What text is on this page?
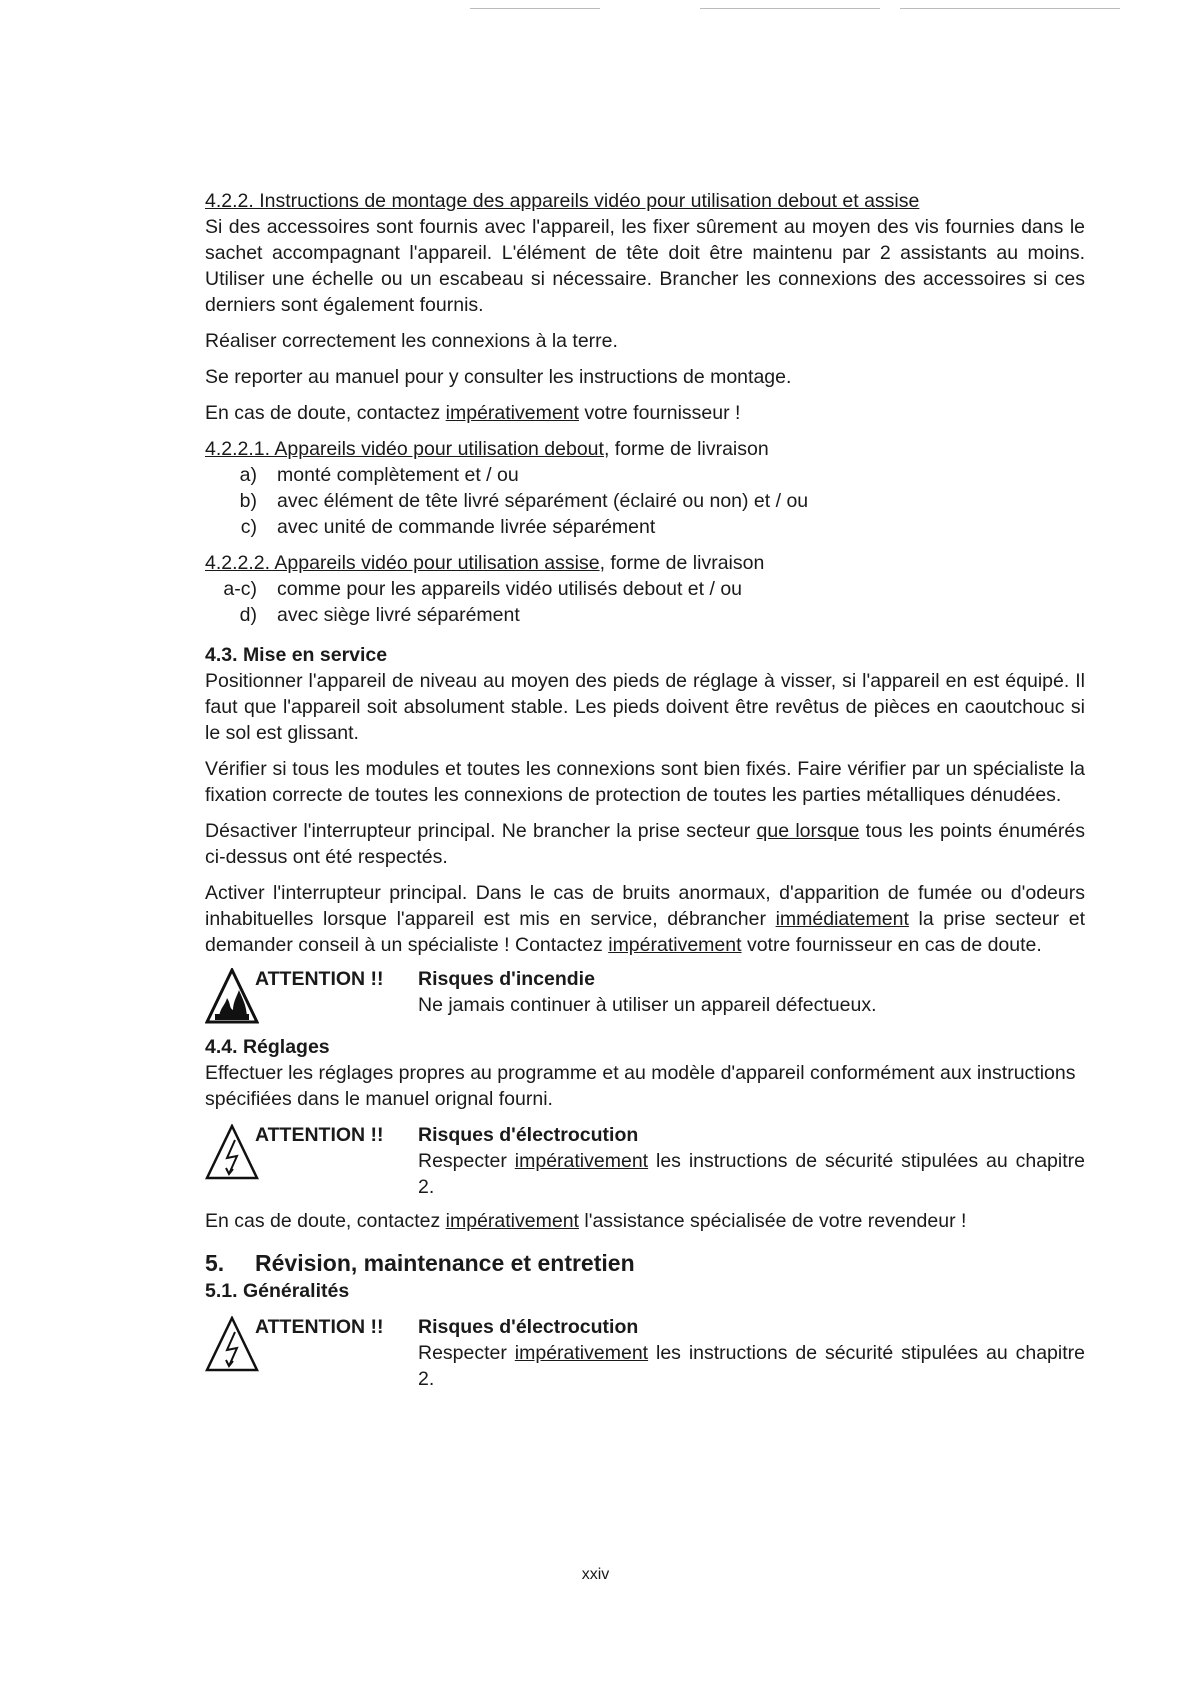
4.2.2. Instructions de montage des appareils vidéo pour utilisation debout et assise

Si des accessoires sont fournis avec l'appareil, les fixer sûrement au moyen des vis fournies dans le sachet accompagnant l'appareil. L'élément de tête doit être maintenu par 2 assistants au moins. Utiliser une échelle ou un escabeau si nécessaire. Brancher les connexions des accessoires si ces derniers sont également fournis.

Réaliser correctement les connexions à la terre.

Se reporter au manuel pour y consulter les instructions de montage.

En cas de doute, contactez impérativement votre fournisseur !

4.2.2.1. Appareils vidéo pour utilisation debout, forme de livraison

a)	monté complètement et / ou
b)	avec élément de tête livré séparément (éclairé ou non) et / ou
c)	avec unité de commande livrée séparément

4.2.2.2. Appareils vidéo pour utilisation assise, forme de livraison

a-c)	comme pour les appareils vidéo utilisés debout et / ou
d)	avec siège livré séparément

4.3. Mise en service

Positionner l'appareil de niveau au moyen des pieds de réglage à visser, si l'appareil en est équipé. Il faut que l'appareil soit absolument stable. Les pieds doivent être revêtus de pièces en caoutchouc si le sol est glissant.

Vérifier si tous les modules et toutes les connexions sont bien fixés. Faire vérifier par un spécialiste la fixation correcte de toutes les connexions de protection de toutes les parties métalliques dénudées.

Désactiver l'interrupteur principal. Ne brancher la prise secteur que lorsque tous les points énumérés ci-dessus ont été respectés.

Activer l'interrupteur principal. Dans le cas de bruits anormaux, d'apparition de fumée ou d'odeurs inhabituelles lorsque l'appareil est mis en service, débrancher immédiatement la prise secteur et demander conseil à un spécialiste ! Contactez impérativement votre fournisseur en cas de doute.

ATTENTION !! Risques d'incendie
Ne jamais continuer à utiliser un appareil défectueux.

4.4. Réglages

Effectuer les réglages propres au programme et au modèle d'appareil conformément aux instructions spécifiées dans le manuel orignal fourni.

ATTENTION !! Risques d'électrocution
Respecter impérativement les instructions de sécurité stipulées au chapitre 2.

En cas de doute, contactez impérativement l'assistance spécialisée de votre revendeur !

5. Révision, maintenance et entretien

5.1. Généralités

ATTENTION !! Risques d'électrocution
Respecter impérativement les instructions de sécurité stipulées au chapitre 2.
xxiv
